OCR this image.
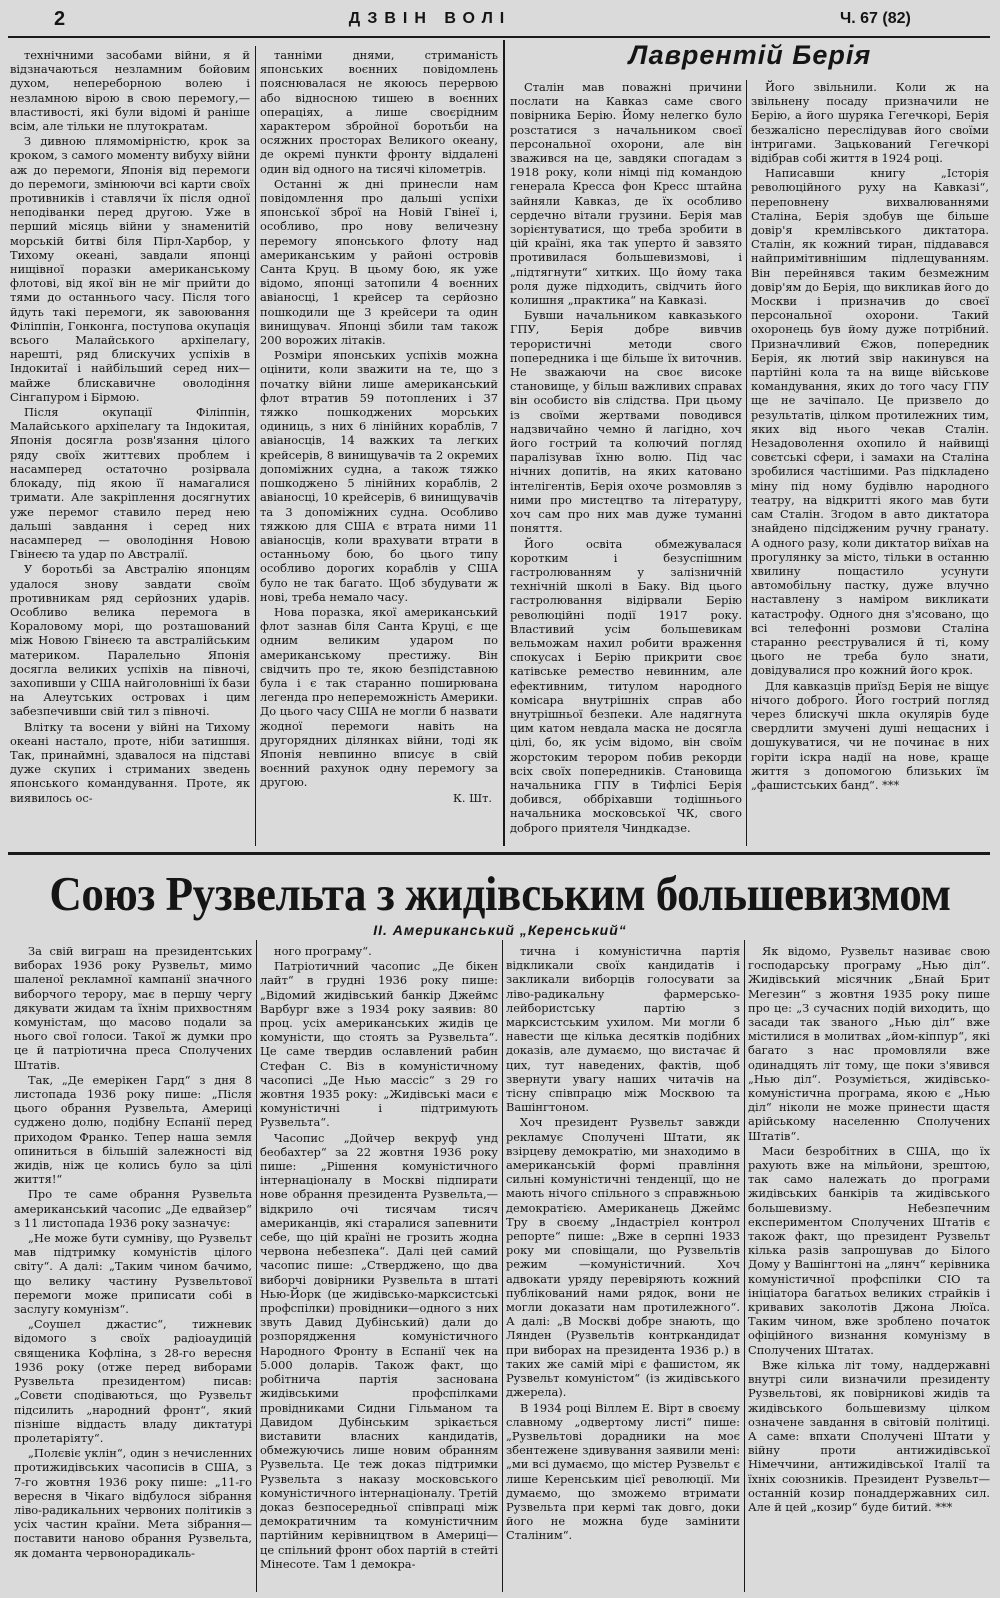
2	ДЗВІН ВОЛІ	Ч. 67 (82)

технічними засобами війни, я й відзначаються незламним бойовим духом, непереборною волею і незламною вірою в свою перемогу,—властивості, які були відомі й раніше всім, але тільки не плутократам.

З дивною плямомірністю, крок за кроком, з самого моменту вибуху війни аж до перемоги, Японія від перемоги до перемоги, змінюючи всі карти своїх противників і ставлячи їх після одної неподіванки перед другою. Уже в перший місяць війни у знаменитій морській битві біля Пірл-Харбор, у Тихому океані, завдали японці нищівної поразки американському флотові, від якої він не міг прийти до тями до останнього часу. Після того йдуть такі перемоги, як завоювання Філіппін, Гонконга, поступова окупація всього Малайського архіпелагу, нарешті, ряд блискучих успіхів в Індокитаї і найбільший серед них—майже блискавичне оволодіння Сінгапуром і Бірмою.

Після окупації Філіппін, Малайського архіпелагу та Індокитая, Японія досягла розв'язання цілого ряду своїх життєвих проблем і насамперед остаточно розірвала блокаду, під якою її намагалися тримати. Але закріплення досягнутих уже перемог ставило перед нею дальші завдання і серед них насамперед — оволодіння Новою Гвінеєю та удар по Австралії.

У боротьбі за Австралію японцям удалося знову завдати своїм противникам ряд серйозних ударів. Особливо велика перемога в Кораловому морі, що розташований між Новою Гвінеєю та австралійським материком. Паралельно Японія досягла великих успіхів на півночі, захопивши у США найголовніші їх бази на Алеутських островах і цим забезпечивши свій тил з півночі.

Влітку та восени у війні на Тихому океані настало, проте, ніби затишшя. Так, принаймні, здавалося на підставі дуже скупих і стриманих зведень японського командування. Проте, як виявилось ос-

танніми днями, стриманість японських воєнних повідомлень пояснювалася не якоюсь перервою або відносною тишею в воєнних операціях, а лише своєрідним характером збройної боротьби на осяжних просторах Великого океану, де окремі пункти фронту віддалені один від одного на тисячі кілометрів.

Останні ж дні принесли нам повідомлення про дальші успіхи японської зброї на Новій Гвінеї і, особливо, про нову величезну перемогу японського флоту над американським у районі островів Санта Круц. В цьому бою, як уже відомо, японці затопили 4 воєнних авіаносці, 1 крейсер та серйозно пошкодили ще 3 крейсери та один винищувач. Японці збили там також 200 ворожих літаків.

Розміри японських успіхів можна оцінити, коли зважити на те, що з початку війни лише американський флот втратив 59 потоплених і 37 тяжко пошкоджених морських одиниць, з них 6 лінійних кораблів, 7 авіаносців, 14 важких та легких крейсерів, 8 винищувачів та 2 окремих допоміжних судна, а також тяжко пошкоджено 5 лінійних кораблів, 2 авіаносці, 10 крейсерів, 6 винищувачів та 3 допоміжних судна. Особливо тяжкою для США є втрата ними 11 авіаносців, коли врахувати втрати в останньому бою, бо цього типу особливо дорогих кораблів у США було не так багато. Щоб збудувати ж нові, треба немало часу.

Нова поразка, якої американський флот зазнав біля Санта Круці, є ще одним великим ударом по американському престижу. Він свідчить про те, якою безпідставною була і є так старанно поширювана легенда про непереможність Америки. До цього часу США не могли б назвати жодної перемоги навіть на другорядних ділянках війни, тоді як Японія невпинно вписує в свій воєнний рахунок одну перемогу за другою.

К. Шт.

Лаврентій Берія

Сталін мав поважні причини послати на Кавказ саме свого повірника Берію. Йому нелегко було розстатися з начальником своєї персональної охорони, але він зважився на це, завдяки спогадам з 1918 року, коли німці під командою генерала Кресса фон Кресс штайна зайняли Кавказ, де їх особливо сердечно вітали грузини. Берія мав зорієнтуватися, що треба зробити в цій країні, яка так уперто й завзято противилася большевизмові, і „підтягнути“ хитких. Що йому така роля дуже підходить, свідчить його колишня „практика“ на Кавказі.

Бувши начальником кавказького ГПУ, Берія добре вивчив терористичні методи свого попередника і ще більше їх виточнив. Не зважаючи на своє високе становище, у більш важливих справах він особисто вів слідства. При цьому із своїми жертвами поводився надзвичайно чемно й лагідно, хоч його гострий та колючий погляд паралізував їхню волю. Під час нічних допитів, на яких катовано інтелігентів, Берія охоче розмовляв з ними про мистецтво та літературу, хоч сам про них мав дуже туманні поняття.

Його освіта обмежувалася коротким і безуспішним гастролюванням у залізничній технічній школі в Баку. Від цього гастролювання відірвали Берію революційні події 1917 року. Властивий усім большевикам вельможам нахил робити враження спокусах і Берію прикрити своє катівське ремество невинним, але ефективним, титулом народного комісара внутрішніх справ або внутрішньої безпеки. Але надягнута цим катом невдала маска не досягла цілі, бо, як усім відомо, він своїм жорстоким терором побив рекорди всіх своїх попередників. Становища начальника ГПУ в Тифлісі Берія добився, оббріхавши тодішнього начальника московської ЧК, свого доброго приятеля Чиндкадзе.

Його звільнили. Коли ж на звільнену посаду призначили не Берію, а його шуряка Гегечкорі, Берія безжалісно переслідував його своїми інтригами. Зацькований Гегечкорі відібрав собі життя в 1924 році.

Написавши книгу „Історія революційного руху на Кавказі“, переповнену вихвалюваннями Сталіна, Берія здобув ще більше довір'я кремлівського диктатора. Сталін, як кожний тиран, піддавався найпримітивнішим підлещуванням. Він перейнявся таким безмежним довір'ям до Берія, що викликав його до Москви і призначив до своєї персональної охорони. Такий охоронець був йому дуже потрібний. Призначливий Єжов, попередник Берія, як лютий звір накинувся на партійні кола та на вище військове командування, яких до того часу ГПУ ще не зачіпало. Це призвело до результатів, цілком протилежних тим, яких від нього чекав Сталін. Незадоволення охопило й найвищі совєтські сфери, і замахи на Сталіна зробилися частішими. Раз підкладено міну під ному будівлю народного театру, на відкритті якого мав бути сам Сталін. Згодом в авто диктатора знайдено підсідженим ручну гранату. А одного разу, коли диктатор виїхав на прогулянку за місто, тільки в останню хвилину пощастило усунути автомобільну пастку, дуже влучно наставлену з наміром викликати катастрофу. Одного дня з'ясовано, що всі телефонні розмови Сталіна старанно реєструвалися й ті, кому цього не треба було знати, довідувалися про кожний його крок.

Для кавказців приїзд Берія не віщує нічого доброго. Його гострий погляд через блискучі шкла окулярів буде свердлити змучені душі нещасних і дошукуватися, чи не починає в них горіти іскра надії на нове, краще життя з допомогою близьких їм „фашистських банд“. ***

Союз Рузвельта з жидівським большевизмом
II. Американський „Керенський“

За свій виграш на президентських виборах 1936 року Рузвельт, мимо шаленої рекламної кампанії значного виборчого терору, має в першу чергу дякувати жидам та їхнім прихвостням комуністам, що масово подали за нього свої голоси. Такої ж думки про це й патріотична преса Сполучених Штатів.

Так, „Де емерікен Гард“ з дня 8 листопада 1936 року пише: „Після цього обрання Рузвельта, Америці суджено долю, подібну Еспанії перед приходом Франко. Тепер наша земля опиниться в більшій залежності від жидів, ніж це колись було за цілі життя!“

Про те саме обрання Рузвельта американський часопис „Де едвайзер“ з 11 листопада 1936 року зазначує:

„Не може бути сумніву, що Рузвельт мав підтримку комуністів цілого світу“. А далі: „Таким чином бачимо, що велику частину Рузвельтової перемоги може приписати собі в заслугу комунізм“.

„Соушел джастис“, тижневик відомого з своїх радіоаудицій священика Кофліна, з 28-го вересня 1936 року (отже перед виборами Рузвельта президентом) писав: „Совєти сподіваються, що Рузвельт підсилить „народний фронт“, який пізніше віддасть владу диктатурі пролетаріяту“.

„Полєвіє уклін“, один з нечисленних протижидівських часописів в США, з 7-го жовтня 1936 року пише: „11-го вересня в Чікаго відбулося зібрання ліво-радикальних червоних політиків з усіх частин країни. Мета зібрання—поставити наново обрання Рузвельта, як доманта червонорадикаль-

ного програму“.

Патріотичний часопис „Де бікен лайт“ в грудні 1936 року пише: „Відомий жидівський банкір Джеймс Варбург вже з 1934 року заявив: 80 проц. усіх американських жидів це комуністи, що стоять за Рузвельта“. Це саме твердив ославлений рабин Стефан С. Віз в комуністичному часописі „Де Нью массіс“ з 29 го жовтня 1935 року: „Жидівські маси є комуністичні і підтримують Рузвельта“.

Часопис „Дойчер векруф унд беобахтер“ за 22 жовтня 1936 року пише: „Рішення комуністичного інтернаціоналу в Москві підпирати нове обрання президента Рузвельта,—відкрило очі тисячам тисяч американців, які старалися запевнити себе, що цій країні не грозить жодна червона небезпека“. Далі цей самий часопис пише: „Стверджено, що два виборчі довірники Рузвельта в штаті Нью-Йорк (це жидівсько-марксистські профспілки) провідники—одного з них звуть Давид Дубінський) дали до розпорядження комуністичного Народного Фронту в Еспанії чек на 5.000 доларів. Також факт, що робітнича партія заснована жидівськими профспілками провідниками Сидни Гільманом та Давидом Дубінським зрікається виставити власних кандидатів, обмежуючись лише новим обранням Рузвельта. Це теж доказ підтримки Рузвельта з наказу московського комуністичного інтернаціоналу. Третій доказ безпосередньої співпраці між демократичним та комуністичним партійним керівництвом в Америці—це спільний фронт обох партій в стейті Мінесоте. Там 1 демокра-

тична і комуністична партія відкликали своїх кандидатів і закликали виборців голосувати за ліво-радикальну фармерсько-лейбористську партію з марксистським ухилом. Ми могли б навести ще кілька десятків подібних доказів, але думаємо, що вистачає й цих, тут наведених, фактів, щоб звернути увагу наших читачів на тісну співпрацю між Москвою та Вашінгтоном.

Хоч президент Рузвельт завжди рекламує Сполучені Штати, як взірцеву демократію, ми знаходимо в американській формі правління сильні комуністичні тенденції, що не мають нічого спільного з справжньою демократією. Американець Джеймс Тру в своєму „Індастріел контрол репорте“ пише: „Вже в серпні 1933 року ми сповіщали, що Рузвельтів режим —комуністичний. Хоч адвокати уряду перевіряють кожний публікований нами рядок, вони не могли доказати нам протилежного“. А далі: „В Москві добре знають, що Лянден (Рузвельтів контркандидат при виборах на президента 1936 р.) в таких же самій мірі є фашистом, як Рузвельт комуністом“ (із жидівського джерела).

В 1934 році Віллем Е. Вірт в своєму славному „одвертому листі“ пише: „Рузвельтові дорадники на моє збентежене здивування заявили мені: „ми всі думаємо, що містер Рузвельт є лише Керенським цієї революції. Ми думаємо, що зможемо втримати Рузвельта при кермі так довго, доки його не можна буде замінити Сталіним“.

Як відомо, Рузвельт називає свою господарську програму „Нью діл“. Жидівський місячник „Бнай Брит Мегезин“ з жовтня 1935 року пише про це: „З сучасних подій виходить, що засади так званого „Нью діл“ вже містилися в молитвах „йом-кіппур“, які багато з нас промовляли вже одинадцять літ тому, ще поки з'явився „Нью діл“. Розуміється, жидівсько-комуністична програма, якою є „Нью діл“ ніколи не може принести щастя арійському населенню Сполучених Штатів“.

Маси безробітних в США, що їх рахують вже на мільйони, зрештою, так само належать до програми жидівських банкірів та жидівського большевизму. Небезпечним експериментом Сполучених Штатів є також факт, що президент Рузвельт кілька разів запрошував до Білого Дому у Вашінгтоні на „лянч“ керівника комуністичної профспілки СІО та ініціатора багатьох великих страйків і кривавих заколотів Джона Люїса. Таким чином, вже зроблено початок офіційного визнання комунізму в Сполучених Штатах.

Вже кілька літ тому, наддержавні внутрі сили визначили президенту Рузвельтові, як повірникові жидів та жидівського большевизму цілком означене завдання в світовій політиці. А саме: впхати Сполучені Штати у війну проти антижидівської Німеччини, антижидівської Італії та їхніх союзників. Президент Рузвельт—останній козир понаддержавних сил. Але й цей „козир“ буде битий. ***
